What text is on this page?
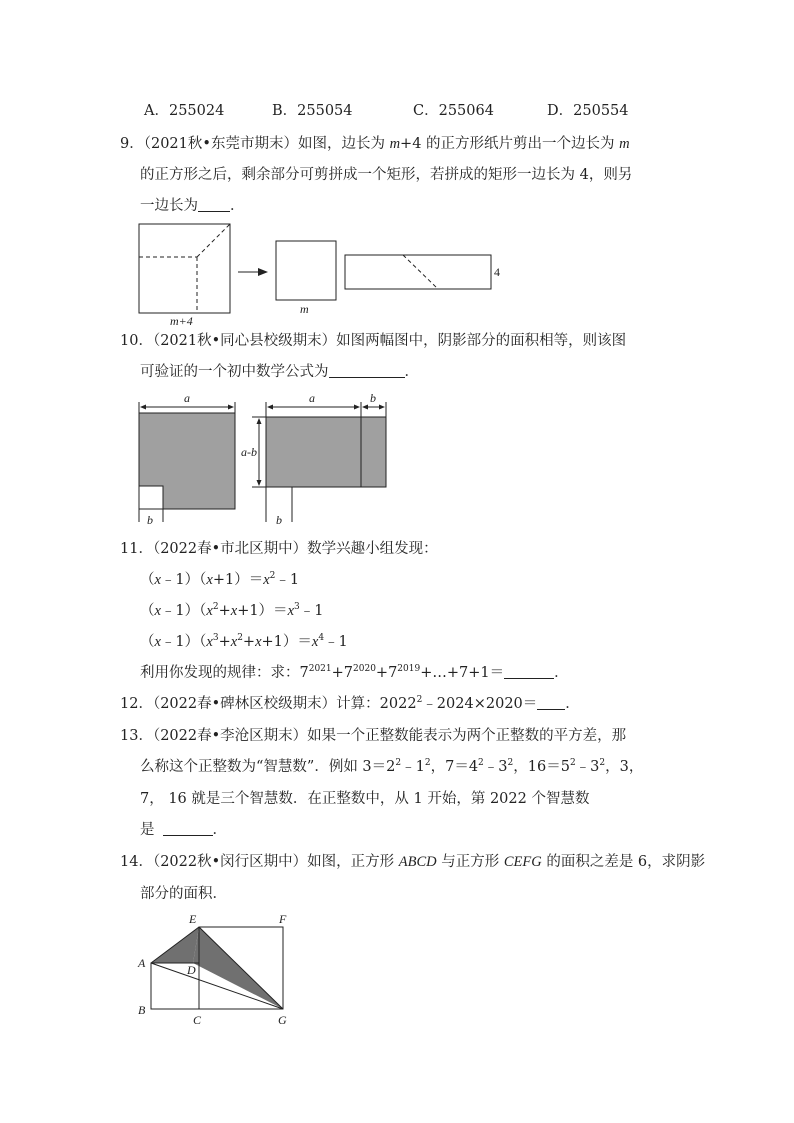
A．255024	B．255054	C．255064	D．250554
9．（2021秋•东莞市期末）如图，边长为 m+4 的正方形纸片剪出一个边长为 m
的正方形之后，剩余部分可剪拼成一个矩形，若拼成的矩形一边长为 4，则另
一边长为 ．
m+4
m
4
10．（2021秋•同心县校级期末）如图两幅图中，阴影部分的面积相等，则该图
可验证的一个初中数学公式为	．
a
b
a	b
a-b
b
11．（2022春•市北区期中）数学兴趣小组发现：
$(x﹣1)(x+1)=x^2﹣1$
$(x﹣1)(x^2+x+1)=x^3﹣1$
$(x﹣1)(x^3+x^2+x+1)=x^4﹣1$
利用你发现的规律：求：$7^{2021}+7^{2020}+7^{2019}+\dots+7+1=$	．
12．（2022春•碑林区校级期末）计算：$2022^2﹣2024\times 2020=$ ．
13．（2022春•李沧区期末）如果一个正整数能表示为两个正整数的平方差，那
么称这个正整数为“智慧数”．例如 $3=2^2﹣1^2$，$7=4^2﹣3^2$，$16=5^2﹣3^2$，3，
7， 16 就是三个智慧数．在正整数中，从 1 开始，第 2022 个智慧数
是	．
14．（2022秋•闵行区期中）如图，正方形 ABCD 与正方形 CEFG 的面积之差是 6，求阴影
部分的面积．
E	F
A	D
B
C	G
